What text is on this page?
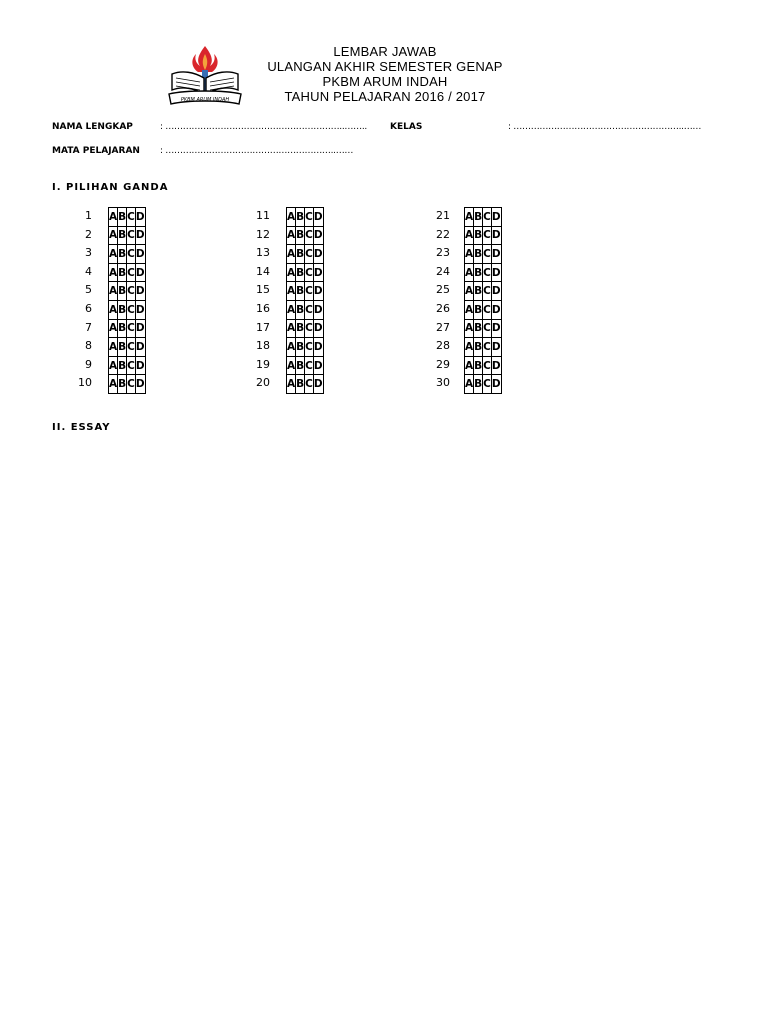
PKBM ARUM INDAH
LEMBAR JAWAB
ULANGAN AKHIR SEMESTER GENAP
PKBM ARUM INDAH
TAHUN PELAJARAN 2016 / 2017
NAMA LENGKAP	: ……………………………………………………..……..	KELAS	: …………………………………………………..……
MATA PELAJARAN : …………………………………………………..……
I. PILIHAN GANDA
1 A	B	C	D
2 A	B	C	D
3 A	B	C	D
4 A	B	C	D
5 A	B	C	D
6 A	B	C	D
7 A	B	C	D
8 A	B	C	D
9 A	B	C	D
10 A	B	C	D
11 A	B	C	D
12 A	B	C	D
13 A	B	C	D
14 A	B	C	D
15 A	B	C	D
16 A	B	C	D
17 A	B	C	D
18 A	B	C	D
19 A	B	C	D
20 A	B	C	D
21 A	B	C	D
22 A	B	C	D
23 A	B	C	D
24 A	B	C	D
25 A	B	C	D
26 A	B	C	D
27 A	B	C	D
28 A	B	C	D
29 A	B	C	D
30 A	B	C	D
II. ESSAY
